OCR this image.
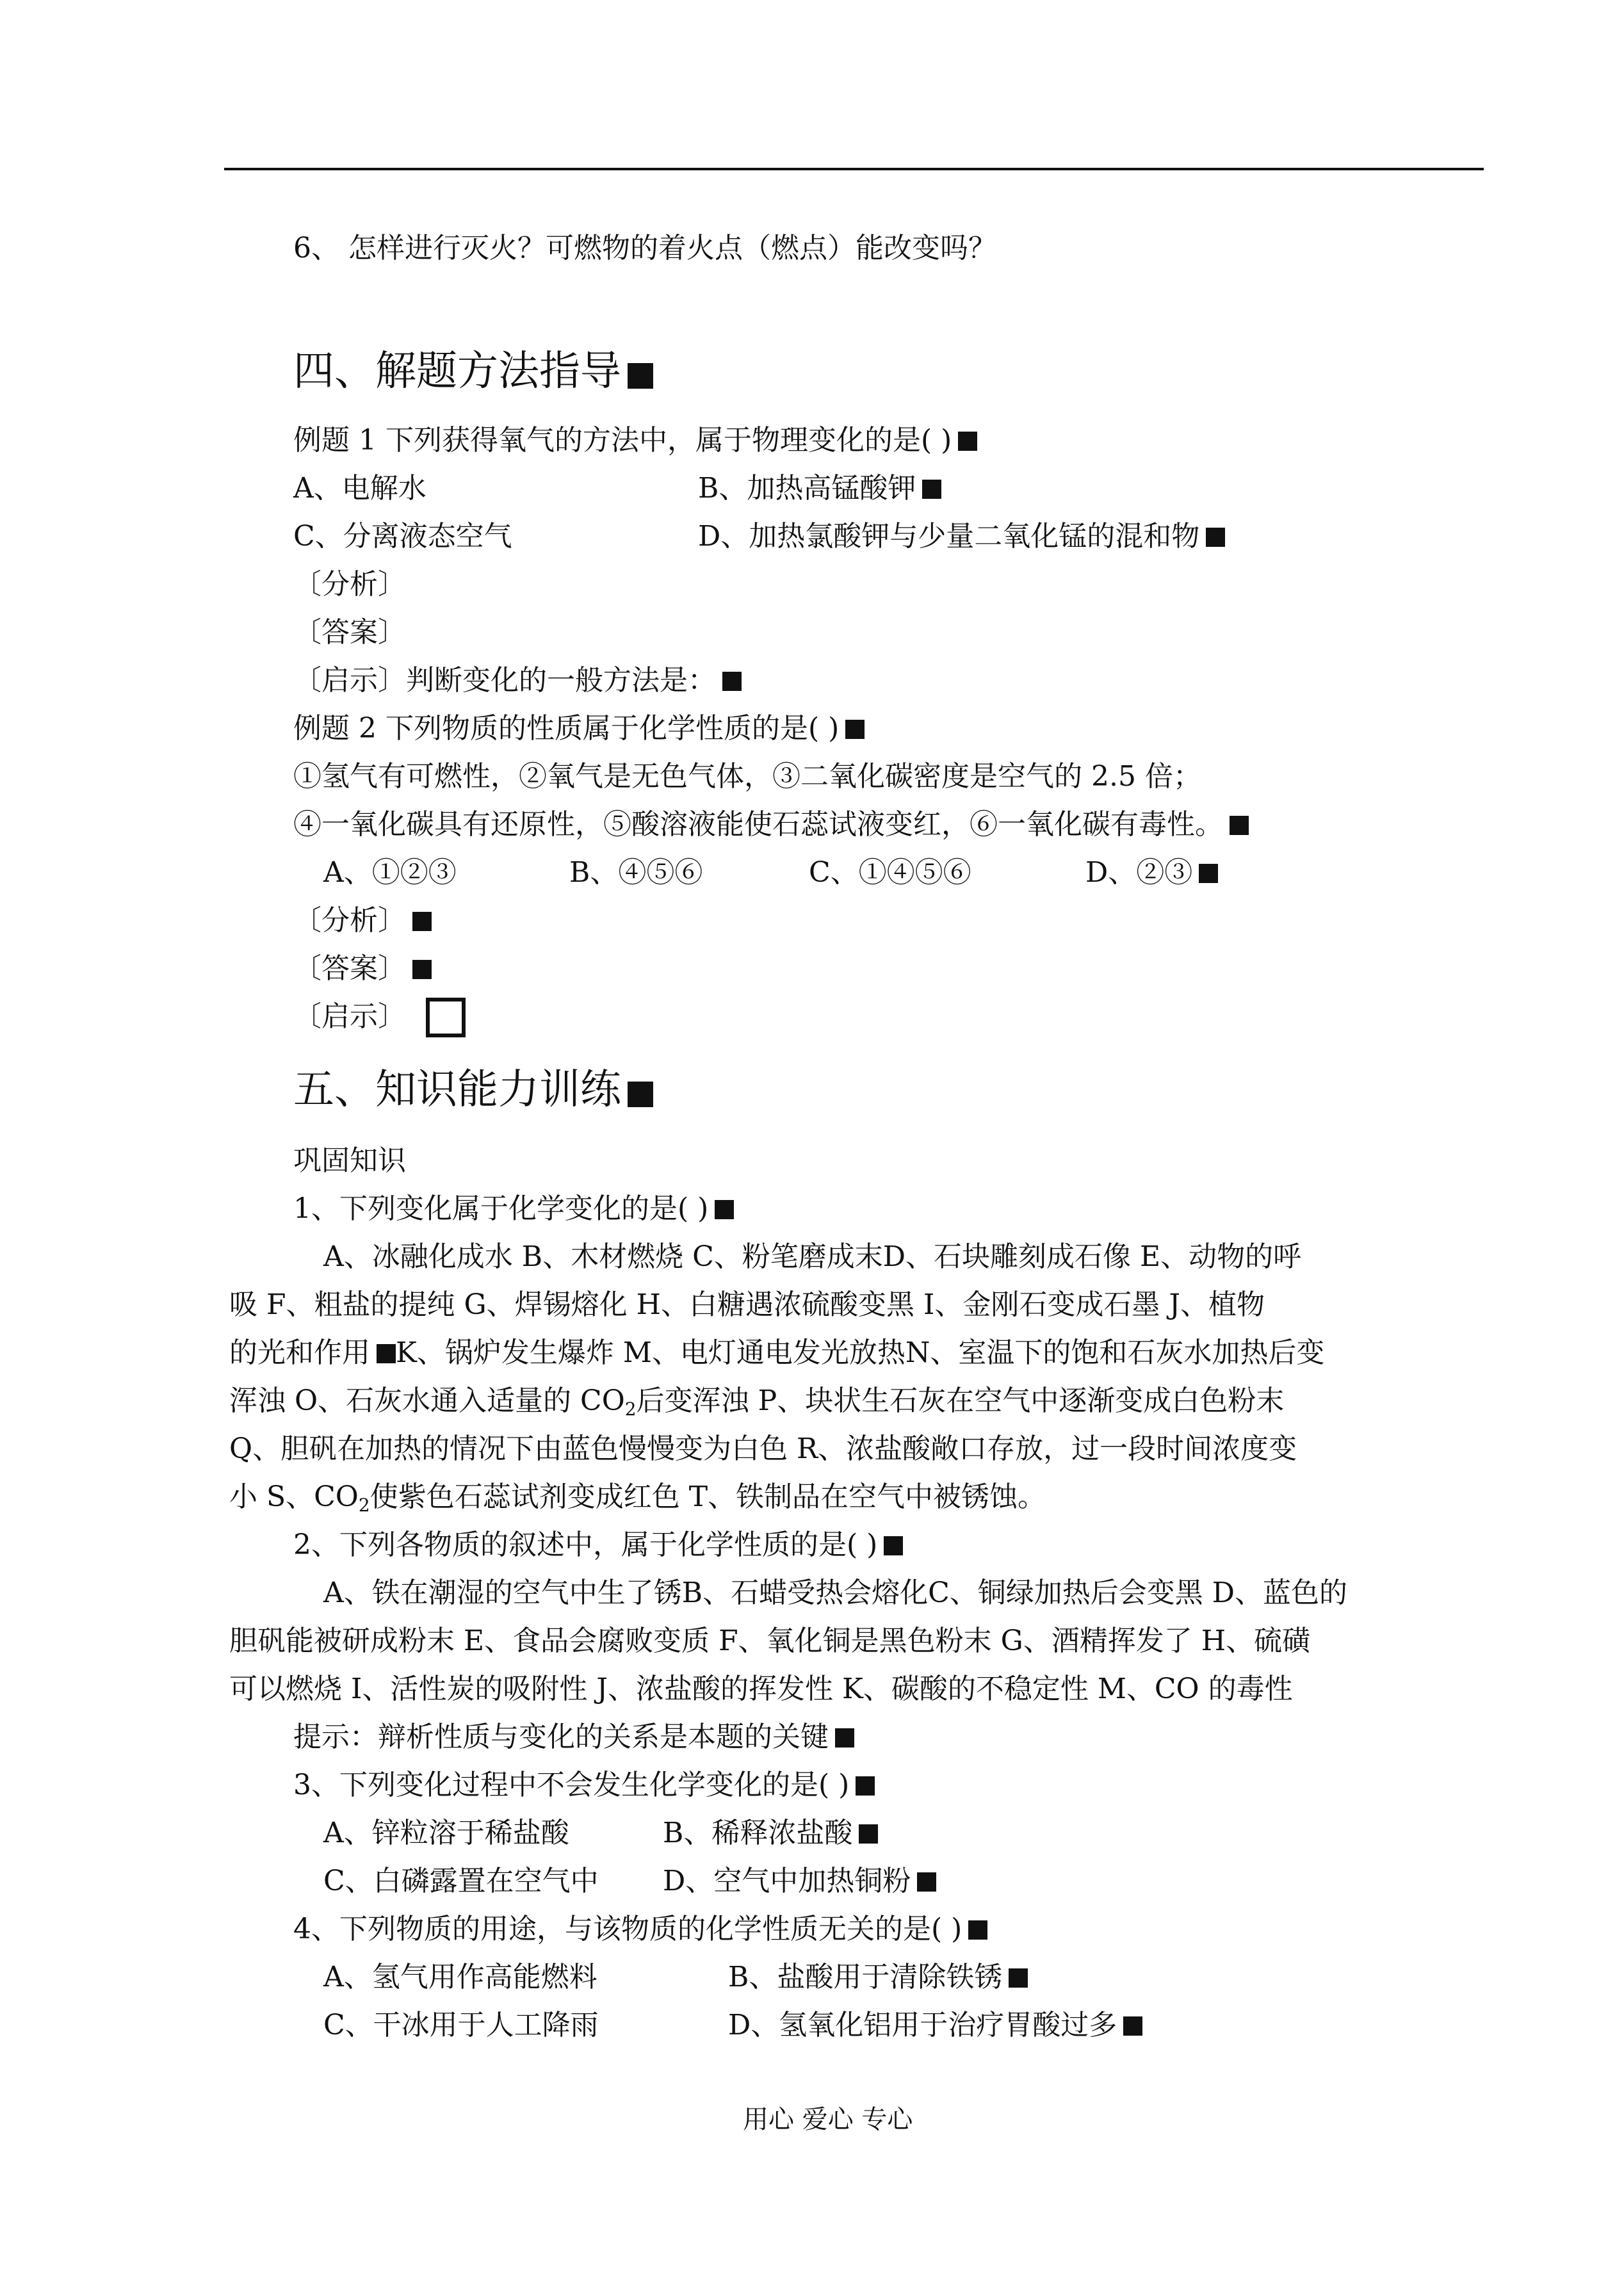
6、 怎样进行灭火？可燃物的着火点（燃点）能改变吗？
四、解题方法指导
例题 1 下列获得氧气的方法中，属于物理变化的是( )
A、电解水	B、加热高锰酸钾
C、分离液态空气	D、加热氯酸钾与少量二氧化锰的混和物
〔分析〕
〔答案〕
〔启示〕判断变化的一般方法是：
例题 2 下列物质的性质属于化学性质的是( )
①氢气有可燃性，②氧气是无色气体，③二氧化碳密度是空气的 2.5 倍；
④一氧化碳具有还原性，⑤酸溶液能使石蕊试液变红，⑥一氧化碳有毒性。
A、①②③	B、④⑤⑥	C、①④⑤⑥	D、②③
〔分析〕
〔答案〕
〔启示〕
五、知识能力训练
巩固知识
1、下列变化属于化学变化的是( )
A、冰融化成水 B、木材燃烧 C、粉笔磨成末D、石块雕刻成石像 E、动物的呼
吸 F、粗盐的提纯 G、焊锡熔化 H、白糖遇浓硫酸变黑 I、金刚石变成石墨 J、植物
的光和作用 K、锅炉发生爆炸 M、电灯通电发光放热N、室温下的饱和石灰水加热后变
浑浊 O、石灰水通入适量的 $CO_2$后变浑浊 P、块状生石灰在空气中逐渐变成白色粉末
Q、胆矾在加热的情况下由蓝色慢慢变为白色 R、浓盐酸敞口存放，过一段时间浓度变
小 S、$CO_2$使紫色石蕊试剂变成红色 T、铁制品在空气中被锈蚀。
2、下列各物质的叙述中，属于化学性质的是( )
A、铁在潮湿的空气中生了锈B、石蜡受热会熔化C、铜绿加热后会变黑 D、蓝色的
胆矾能被研成粉末 E、食品会腐败变质 F、氧化铜是黑色粉末 G、酒精挥发了 H、硫磺
可以燃烧 I、活性炭的吸附性 J、浓盐酸的挥发性 K、碳酸的不稳定性 M、CO 的毒性
提示：辩析性质与变化的关系是本题的关键
3、下列变化过程中不会发生化学变化的是( )
A、锌粒溶于稀盐酸	B、稀释浓盐酸
C、白磷露置在空气中 D、空气中加热铜粉
4、下列物质的用途，与该物质的化学性质无关的是( )
A、氢气用作高能燃料	B、盐酸用于清除铁锈
C、干冰用于人工降雨	D、氢氧化铝用于治疗胃酸过多
用心 爱心 专心
